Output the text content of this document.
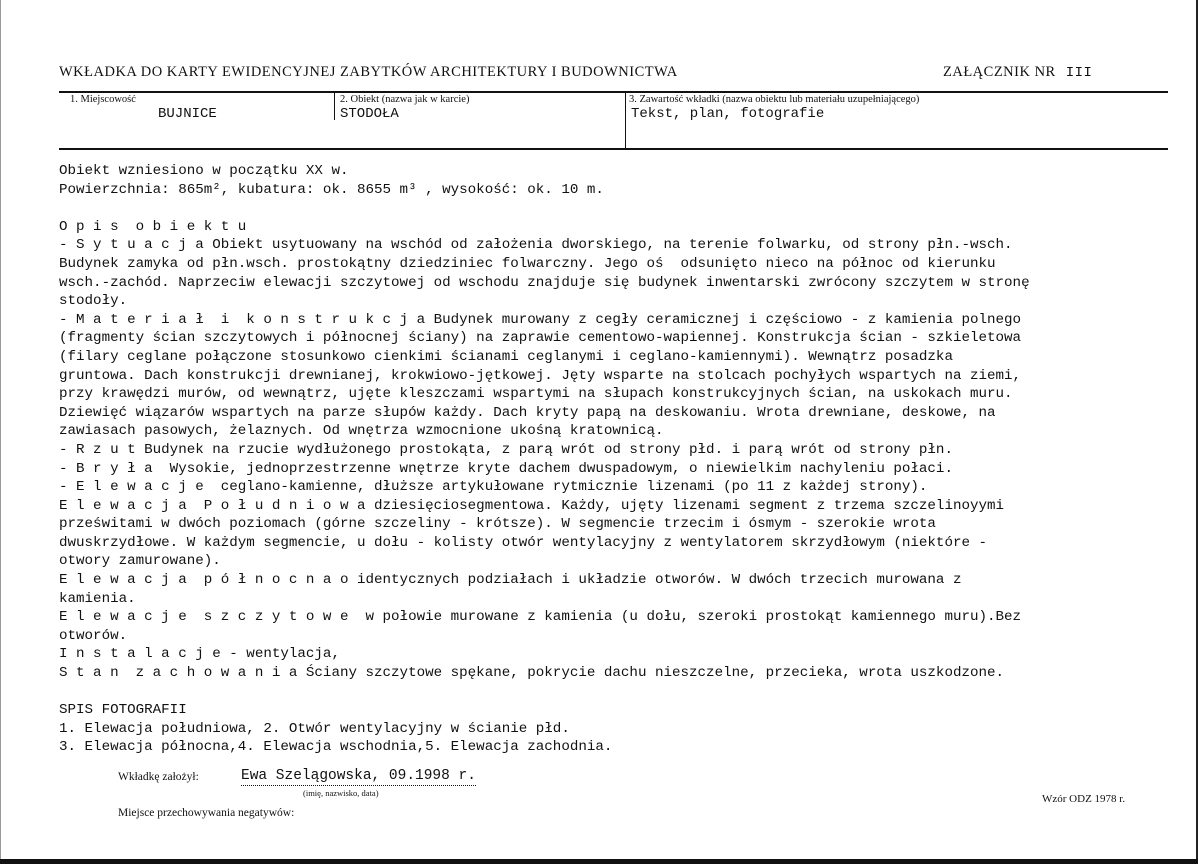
WKŁADKA DO KARTY EWIDENCYJNEJ ZABYTKÓW ARCHITEKTURY I BUDOWNICTWA	ZAŁĄCZNIK NR III
1. Miejscowość
BUJNICE
2. Obiekt (nazwa jak w karcie)
STODOŁA
3. Zawartość wkładki (nazwa obiektu lub materiału uzupełniającego)
Tekst, plan, fotografie
Obiekt wzniesiono w początku XX w.
Powierzchnia: 865m², kubatura: ok. 8655 m³ , wysokość: ok. 10 m.
O p i s  o b i e k t u
- S y t u a c j a Obiekt usytuowany na wschód od założenia dworskiego, na terenie folwarku, od strony płn.-wsch.
Budynek zamyka od płn.wsch. prostokątny dziedziniec folwarczny. Jego oś  odsunięto nieco na północ od kierunku
wsch.-zachód. Naprzeciw elewacji szczytowej od wschodu znajduje się budynek inwentarski zwrócony szczytem w stronę
stodoły.
- M a t e r i a ł  i  k o n s t r u k c j a Budynek murowany z cegły ceramicznej i częściowo - z kamienia polnego
(fragmenty ścian szczytowych i północnej ściany) na zaprawie cementowo-wapiennej. Konstrukcja ścian - szkieletowa
(filary ceglane połączone stosunkowo cienkimi ścianami ceglanymi i ceglano-kamiennymi). Wewnątrz posadzka
gruntowa. Dach konstrukcji drewnianej, krokwiowo-jętkowej. Jęty wsparte na stolcach pochyłych wspartych na ziemi,
przy krawędzi murów, od wewnątrz, ujęte kleszczami wspartymi na słupach konstrukcyjnych ścian, na uskokach muru.
Dziewięć wiązarów wspartych na parze słupów każdy. Dach kryty papą na deskowaniu. Wrota drewniane, deskowe, na
zawiasach pasowych, żelaznych. Od wnętrza wzmocnione ukośną kratownicą.
- R z u t Budynek na rzucie wydłużonego prostokąta, z parą wrót od strony płd. i parą wrót od strony płn.
- B r y ł a  Wysokie, jednoprzestrzenne wnętrze kryte dachem dwuspadowym, o niewielkim nachyleniu połaci.
- E l e w a c j e  ceglano-kamienne, dłuższe artykułowane rytmicznie lizenami (po 11 z każdej strony).
E l e w a c j a  P o ł u d n i o w a dziesięciosegmentowa. Każdy, ujęty lizenami segment z trzema szczelinoyymi
prześwitami w dwóch poziomach (górne szczeliny - krótsze). W segmencie trzecim i ósmym - szerokie wrota
dwuskrzydłowe. W każdym segmencie, u dołu - kolisty otwór wentylacyjny z wentylatorem skrzydłowym (niektóre -
otwory zamurowane).
E l e w a c j a  p ó ł n o c n a o identycznych podziałach i układzie otworów. W dwóch trzecich murowana z
kamienia.
E l e w a c j e  s z c z y t o w e  w połowie murowane z kamienia (u dołu, szeroki prostokąt kamiennego muru).Bez
otworów.
I n s t a l a c j e - wentylacja,
S t a n  z a c h o w a n i a Ściany szczytowe spękane, pokrycie dachu nieszczelne, przecieka, wrota uszkodzone.
SPIS FOTOGRAFII
1. Elewacja południowa, 2. Otwór wentylacyjny w ścianie płd.
3. Elewacja północna,4. Elewacja wschodnia,5. Elewacja zachodnia.
Wkładkę założył:	Ewa Szelągowska, 09.1998 r.
(imię, nazwisko, data)
Miejsce przechowywania negatywów:
Wzór ODZ 1978 r.
